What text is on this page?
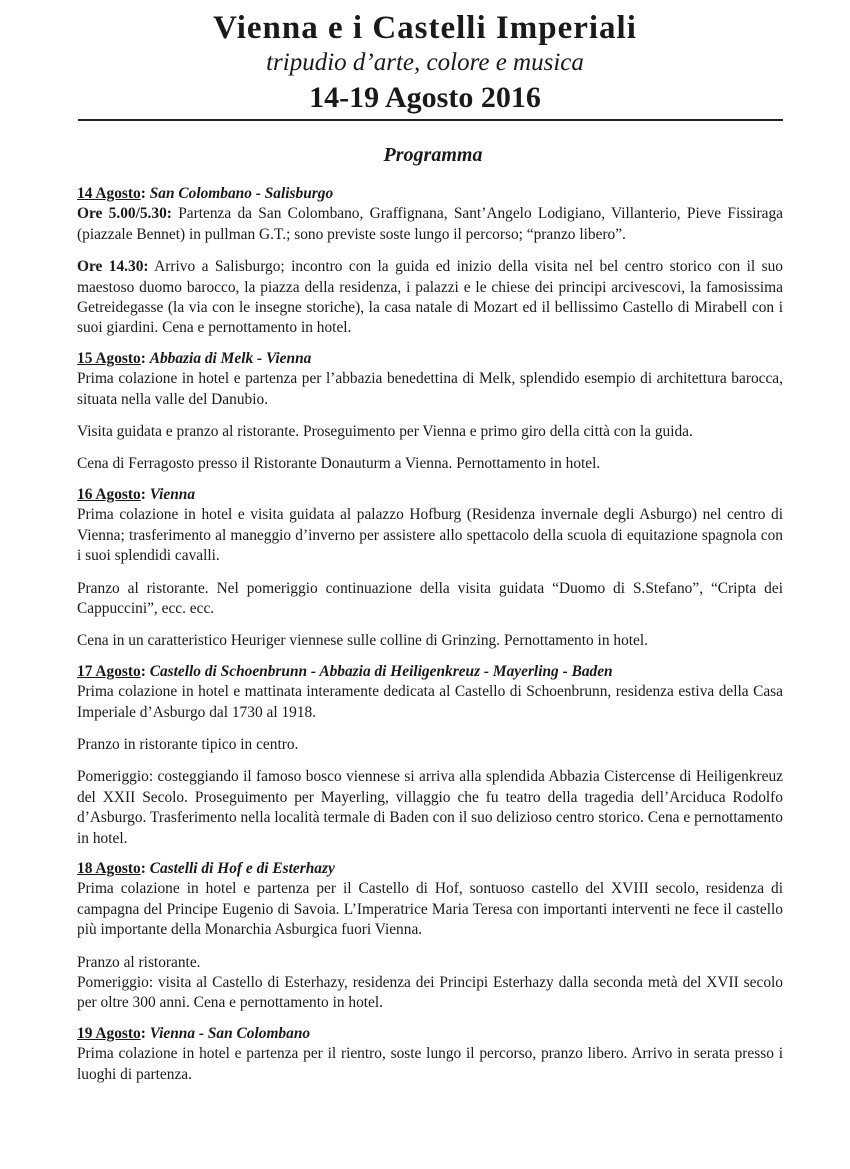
Vienna e i Castelli Imperiali
tripudio d’arte, colore e musica
14-19 Agosto 2016
Programma
14 Agosto: San Colombano - Salisburgo
Ore 5.00/5.30: Partenza da San Colombano, Graffignana, Sant’Angelo Lodigiano, Villanterio, Pieve Fissiraga (piazzale Bennet) in pullman G.T.; sono previste soste lungo il percorso; “pranzo libero”.
Ore 14.30: Arrivo a Salisburgo; incontro con la guida ed inizio della visita nel bel centro storico con il suo maestoso duomo barocco, la piazza della residenza, i palazzi e le chiese dei principi arcivescovi, la famosissima Getreidegasse (la via con le insegne storiche), la casa natale di Mozart ed il bellissimo Castello di Mirabell con i suoi giardini. Cena e pernottamento in hotel.
15 Agosto: Abbazia di Melk - Vienna
Prima colazione in hotel e partenza per l’abbazia benedettina di Melk, splendido esempio di architettura barocca, situata nella valle del Danubio.
Visita guidata e pranzo al ristorante. Proseguimento per Vienna e primo giro della città con la guida.
Cena di Ferragosto presso il Ristorante Donauturm a Vienna. Pernottamento in hotel.
16 Agosto: Vienna
Prima colazione in hotel e visita guidata al palazzo Hofburg (Residenza invernale degli Asburgo) nel centro di Vienna; trasferimento al maneggio d’inverno per assistere allo spettacolo della scuola di equitazione spagnola con i suoi splendidi cavalli.
Pranzo al ristorante. Nel pomeriggio continuazione della visita guidata “Duomo di S.Stefano”, “Cripta dei Cappuccini”, ecc. ecc.
Cena in un caratteristico Heuriger viennese sulle colline di Grinzing. Pernottamento in hotel.
17 Agosto: Castello di Schoenbrunn - Abbazia di Heiligenkreuz - Mayerling - Baden
Prima colazione in hotel e mattinata interamente dedicata al Castello di Schoenbrunn, residenza estiva della Casa Imperiale d’Asburgo dal 1730 al 1918.
Pranzo in ristorante tipico in centro.
Pomeriggio: costeggiando il famoso bosco viennese si arriva alla splendida Abbazia Cistercense di Heiligenkreuz del XXII Secolo. Proseguimento per Mayerling, villaggio che fu teatro della tragedia dell’Arciduca Rodolfo d’Asburgo. Trasferimento nella località termale di Baden con il suo delizioso centro storico. Cena e pernottamento in hotel.
18 Agosto: Castelli di Hof e di Esterhazy
Prima colazione in hotel e partenza per il Castello di Hof, sontuoso castello del XVIII secolo, residenza di campagna del Principe Eugenio di Savoia. L’Imperatrice Maria Teresa con importanti interventi ne fece il castello più importante della Monarchia Asburgica fuori Vienna.
Pranzo al ristorante.
Pomeriggio: visita al Castello di Esterhazy, residenza dei Principi Esterhazy dalla seconda metà del XVII secolo per oltre 300 anni. Cena e pernottamento in hotel.
19 Agosto: Vienna - San Colombano
Prima colazione in hotel e partenza per il rientro, soste lungo il percorso, pranzo libero. Arrivo in serata presso i luoghi di partenza.
